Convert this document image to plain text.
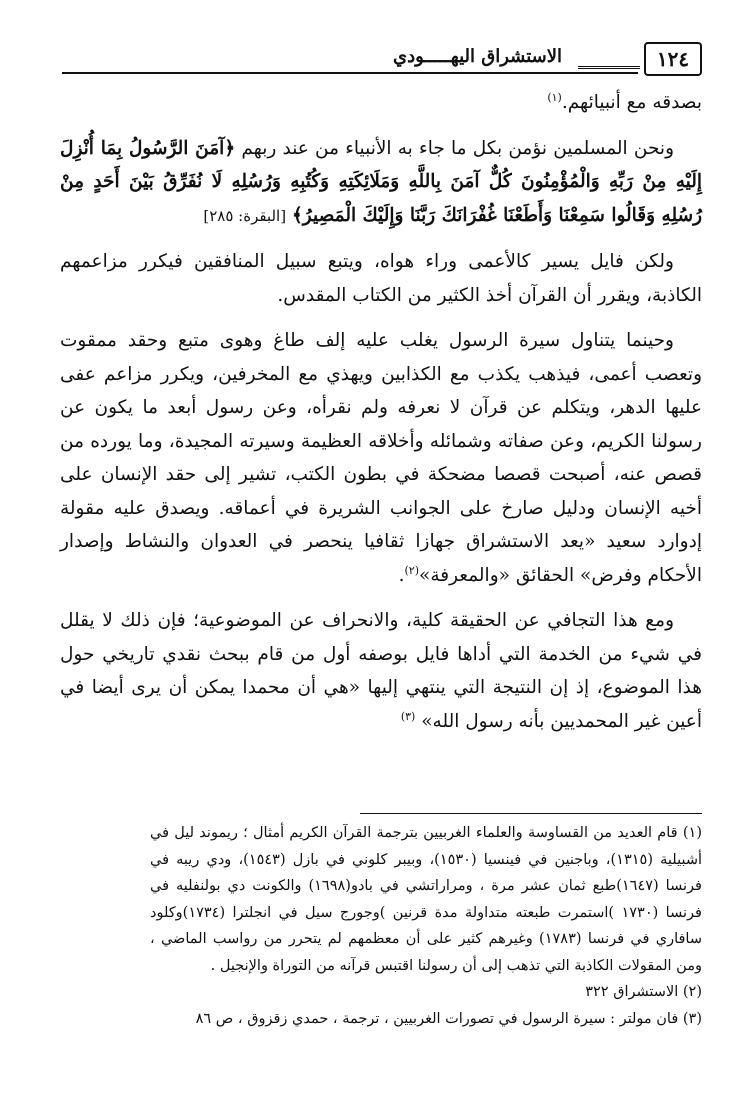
١٢٤
الاستشراق اليهـــــودي

بصدقه مع أنبيائهم.$^{(١)}$

ونحن المسلمين نؤمن بكل ما جاء به الأنبياء من عند ربهم ﴿آمَنَ الرَّسُولُ بِمَا أُنْزِلَ إِلَيْهِ مِنْ رَبِّهِ وَالْمُؤْمِنُونَ كُلٌّ آمَنَ بِاللَّهِ وَمَلَائِكَتِهِ وَكُتُبِهِ وَرُسُلِهِ لَا نُفَرِّقُ بَيْنَ أَحَدٍ مِنْ رُسُلِهِ وَقَالُوا سَمِعْنَا وَأَطَعْنَا غُفْرَانَكَ رَبَّنَا وَإِلَيْكَ الْمَصِيرُ﴾ [البقرة: ٢٨٥]

ولكن فايل يسير كالأعمى وراء هواه، ويتبع سبيل المنافقين فيكرر مزاعمهم الكاذبة، ويقرر أن القرآن أخذ الكثير من الكتاب المقدس.

وحينما يتناول سيرة الرسول يغلب عليه إلف طاغ وهوى متبع وحقد ممقوت وتعصب أعمى، فيذهب يكذب مع الكذابين ويهذي مع المخرفين، ويكرر مزاعم عفى عليها الدهر، ويتكلم عن قرآن لا نعرفه ولم نقرأه، وعن رسول أبعد ما يكون عن رسولنا الكريم، وعن صفاته وشمائله وأخلاقه العظيمة وسيرته المجيدة، وما يورده من قصص عنه، أصبحت قصصا مضحكة في بطون الكتب، تشير إلى حقد الإنسان على أخيه الإنسان ودليل صارخ على الجوانب الشريرة في أعماقه. ويصدق عليه مقولة إدوارد سعيد «يعد الاستشراق جهازا ثقافيا ينحصر في العدوان والنشاط وإصدار الأحكام وفرض» الحقائق «والمعرفة»$^{(٢)}$.

ومع هذا التجافي عن الحقيقة كلية، والانحراف عن الموضوعية؛ فإن ذلك لا يقلل في شيء من الخدمة التي أداها فايل بوصفه أول من قام ببحث نقدي تاريخي حول هذا الموضوع، إذ إن النتيجة التي ينتهي إليها «هي أن محمدا يمكن أن يرى أيضا في أعين غير المحمديين بأنه رسول الله» $^{(٣)}$

(١) قام العديد من القساوسة والعلماء الغربيين بترجمة القرآن الكريم أمثال ؛ ريموند ليل في أشبيلية (١٣١٥)، وباجنين في فينسيا (١٥٣٠)، وبيبر كلوني في بازل (١٥٤٣)، ودي ريبه في فرنسا (١٦٤٧)طبع ثمان عشر مرة ، ومراراتشي في بادو(١٦٩٨) والكونت دي بولنفليه في فرنسا (١٧٣٠ )استمرت طبعته متداولة مدة قرنين )وجورج سيل في انجلترا (١٧٣٤)وكلود سافاري في فرنسا (١٧٨٣) وغيرهم كثير على أن معظمهم لم يتحرر من رواسب الماضي ، ومن المقولات الكاذبة التي تذهب إلى أن رسولنا اقتبس قرآنه من التوراة والإنجيل .
(٢) الاستشراق ٣٢٢
(٣) فان مولتر : سيرة الرسول في تصورات الغربيين ، ترجمة ، حمدي زقزوق ، ص ٨٦
